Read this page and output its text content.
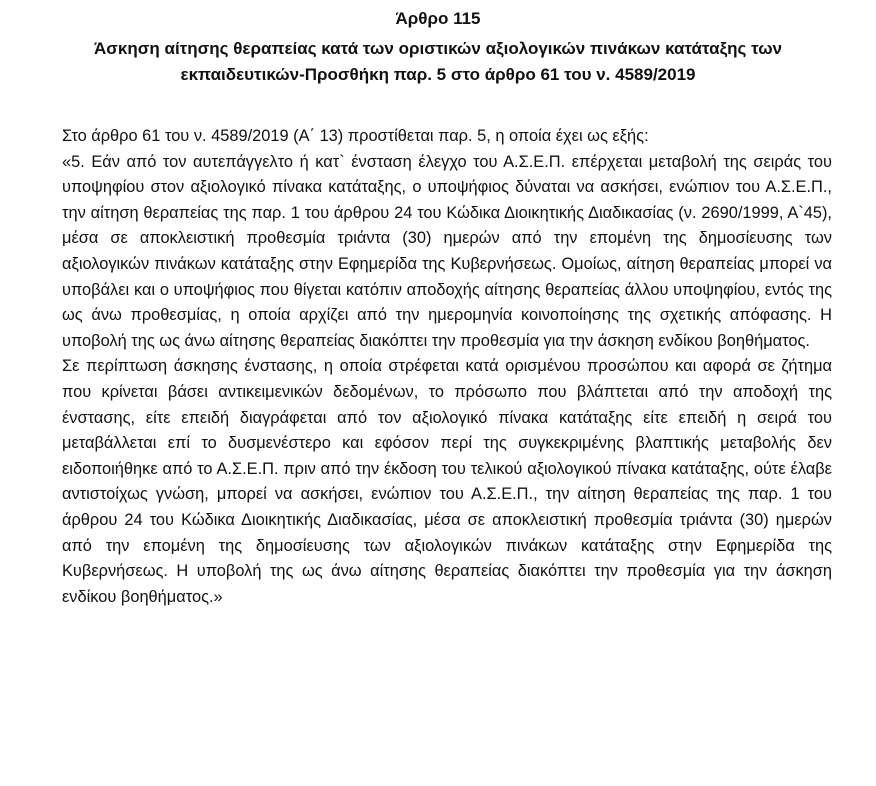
Άρθρο 115
Άσκηση αίτησης θεραπείας κατά των οριστικών αξιολογικών πινάκων κατάταξης των εκπαιδευτικών-Προσθήκη παρ. 5 στο άρθρο 61 του ν. 4589/2019

Στο άρθρο 61 του ν. 4589/2019 (Α΄ 13) προστίθεται παρ. 5, η οποία έχει ως εξής:

«5. Εάν από τον αυτεπάγγελτο ή κατ` ένσταση έλεγχο του Α.Σ.Ε.Π. επέρχεται μεταβολή της σειράς του υποψηφίου στον αξιολογικό πίνακα κατάταξης, ο υποψήφιος δύναται να ασκήσει, ενώπιον του Α.Σ.Ε.Π., την αίτηση θεραπείας της παρ. 1 του άρθρου 24 του Κώδικα Διοικητικής Διαδικασίας (ν. 2690/1999, Α`45), μέσα σε αποκλειστική προθεσμία τριάντα (30) ημερών από την επομένη της δημοσίευσης των αξιολογικών πινάκων κατάταξης στην Εφημερίδα της Κυβερνήσεως. Ομοίως, αίτηση θεραπείας μπορεί να υποβάλει και ο υποψήφιος που θίγεται κατόπιν αποδοχής αίτησης θεραπείας άλλου υποψηφίου, εντός της ως άνω προθεσμίας, η οποία αρχίζει από την ημερομηνία κοινοποίησης της σχετικής απόφασης. Η υποβολή της ως άνω αίτησης θεραπείας διακόπτει την προθεσμία για την άσκηση ενδίκου βοηθήματος.

Σε περίπτωση άσκησης ένστασης, η οποία στρέφεται κατά ορισμένου προσώπου και αφορά σε ζήτημα που κρίνεται βάσει αντικειμενικών δεδομένων, το πρόσωπο που βλάπτεται από την αποδοχή της ένστασης, είτε επειδή διαγράφεται από τον αξιολογικό πίνακα κατάταξης είτε επειδή η σειρά του μεταβάλλεται επί το δυσμενέστερο και εφόσον περί της συγκεκριμένης βλαπτικής μεταβολής δεν ειδοποιήθηκε από το Α.Σ.Ε.Π. πριν από την έκδοση του τελικού αξιολογικού πίνακα κατάταξης, ούτε έλαβε αντιστοίχως γνώση, μπορεί να ασκήσει, ενώπιον του Α.Σ.Ε.Π., την αίτηση θεραπείας της παρ. 1 του άρθρου 24 του Κώδικα Διοικητικής Διαδικασίας, μέσα σε αποκλειστική προθεσμία τριάντα (30) ημερών από την επομένη της δημοσίευσης των αξιολογικών πινάκων κατάταξης στην Εφημερίδα της Κυβερνήσεως. Η υποβολή της ως άνω αίτησης θεραπείας διακόπτει την προθεσμία για την άσκηση ενδίκου βοηθήματος.»
